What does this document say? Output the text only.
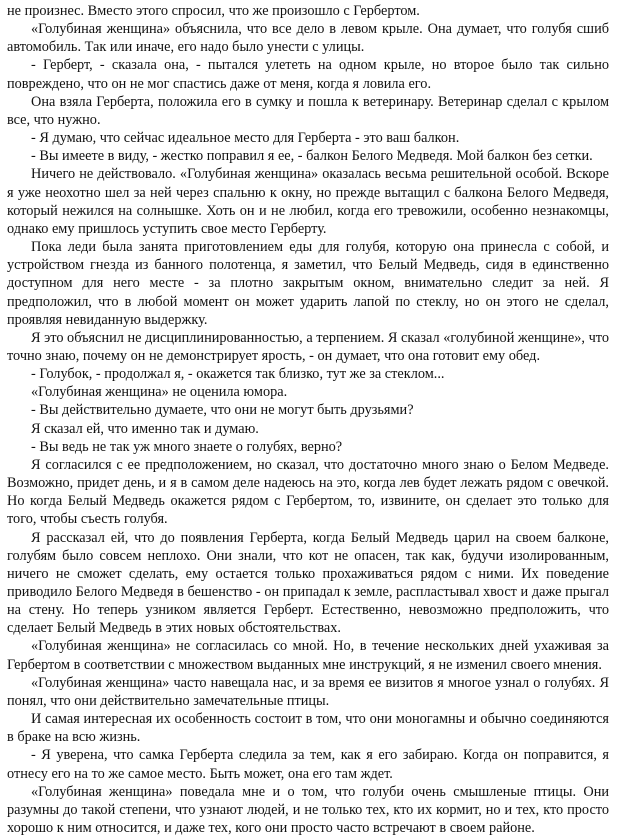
не произнес. Вместо этого спросил, что же произошло с Гербертом.

«Голубиная женщина» объяснила, что все дело в левом крыле. Она думает, что голубя сшиб автомобиль. Так или иначе, его надо было унести с улицы.

- Герберт, - сказала она, - пытался улететь на одном крыле, но второе было так сильно повреждено, что он не мог спастись даже от меня, когда я ловила его.

Она взяла Герберта, положила его в сумку и пошла к ветеринару. Ветеринар сделал с крылом все, что нужно.

- Я думаю, что сейчас идеальное место для Герберта - это ваш балкон.

- Вы имеете в виду, - жестко поправил я ее, - балкон Белого Медведя. Мой балкон без сетки.

Ничего не действовало. «Голубиная женщина» оказалась весьма решительной особой. Вскоре я уже неохотно шел за ней через спальню к окну, но прежде вытащил с балкона Белого Медведя, который нежился на солнышке. Хоть он и не любил, когда его тревожили, особенно незнакомцы, однако ему пришлось уступить свое место Герберту.

Пока леди была занята приготовлением еды для голубя, которую она принесла с собой, и устройством гнезда из банного полотенца, я заметил, что Белый Медведь, сидя в единственно доступном для него месте - за плотно закрытым окном, внимательно следит за ней. Я предположил, что в любой момент он может ударить лапой по стеклу, но он этого не сделал, проявляя невиданную выдержку.

Я это объяснил не дисциплинированностью, а терпением. Я сказал «голубиной женщине», что точно знаю, почему он не демонстрирует ярость, - он думает, что она готовит ему обед.

- Голубок, - продолжал я, - окажется так близко, тут же за стеклом...

«Голубиная женщина» не оценила юмора.

- Вы действительно думаете, что они не могут быть друзьями?

Я сказал ей, что именно так и думаю.

- Вы ведь не так уж много знаете о голубях, верно?

Я согласился с ее предположением, но сказал, что достаточно много знаю о Белом Медведе. Возможно, придет день, и я в самом деле надеюсь на это, когда лев будет лежать рядом с овечкой. Но когда Белый Медведь окажется рядом с Гербертом, то, извините, он сделает это только для того, чтобы съесть голубя.

Я рассказал ей, что до появления Герберта, когда Белый Медведь царил на своем балконе, голубям было совсем неплохо. Они знали, что кот не опасен, так как, будучи изолированным, ничего не сможет сделать, ему остается только прохаживаться рядом с ними. Их поведение приводило Белого Медведя в бешенство - он припадал к земле, распластывал хвост и даже прыгал на стену. Но теперь узником является Герберт. Естественно, невозможно предположить, что сделает Белый Медведь в этих новых обстоятельствах.

«Голубиная женщина» не согласилась со мной. Но, в течение нескольких дней ухаживая за Гербертом в соответствии с множеством выданных мне инструкций, я не изменил своего мнения.

«Голубиная женщина» часто навещала нас, и за время ее визитов я многое узнал о голубях. Я понял, что они действительно замечательные птицы.

И самая интересная их особенность состоит в том, что они моногамны и обычно соединяются в браке на всю жизнь.

- Я уверена, что самка Герберта следила за тем, как я его забираю. Когда он поправится, я отнесу его на то же самое место. Быть может, она его там ждет.

«Голубиная женщина» поведала мне и о том, что голуби очень смышленые птицы. Они разумны до такой степени, что узнают людей, и не только тех, кто их кормит, но и тех, кто просто хорошо к ним относится, и даже тех, кого они просто часто встречают в своем районе.
